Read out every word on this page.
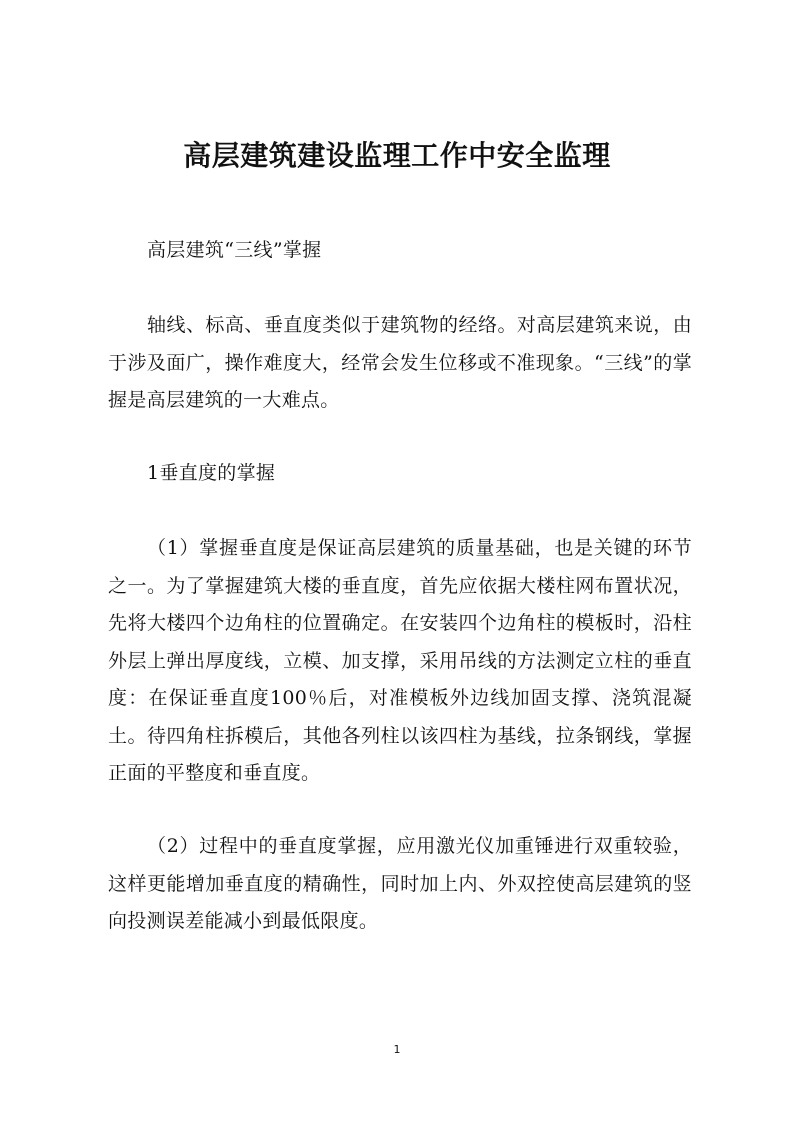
高层建筑建设监理工作中安全监理
高层建筑“三线”掌握

轴线、标高、垂直度类似于建筑物的经络。对高层建筑来说，由于涉及面广，操作难度大，经常会发生位移或不准现象。“三线”的掌握是高层建筑的一大难点。

1垂直度的掌握

（1）掌握垂直度是保证高层建筑的质量基础，也是关键的环节之一。为了掌握建筑大楼的垂直度，首先应依据大楼柱网布置状况，先将大楼四个边角柱的位置确定。在安装四个边角柱的模板时，沿柱外层上弹出厚度线，立模、加支撑，采用吊线的方法测定立柱的垂直度：在保证垂直度100％后，对准模板外边线加固支撑、浇筑混凝土。待四角柱拆模后，其他各列柱以该四柱为基线，拉条钢线，掌握正面的平整度和垂直度。

（2）过程中的垂直度掌握，应用激光仪加重锤进行双重较验，这样更能增加垂直度的精确性，同时加上内、外双控使高层建筑的竖向投测误差能减小到最低限度。

1
